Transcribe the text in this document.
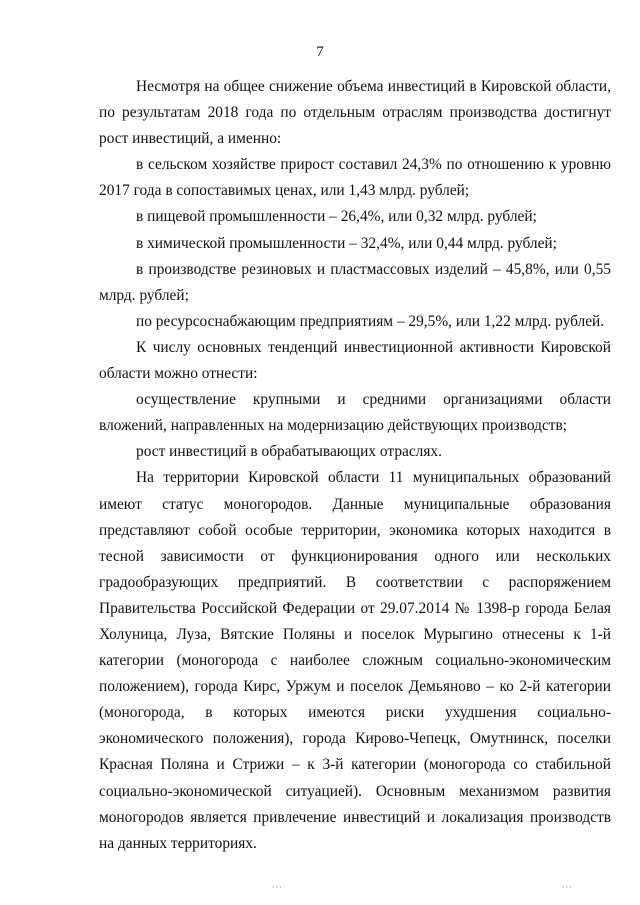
7

Несмотря на общее снижение объема инвестиций в Кировской области, по результатам 2018 года по отдельным отраслям производства достигнут рост инвестиций, а именно:

в сельском хозяйстве прирост составил 24,3% по отношению к уровню 2017 года в сопоставимых ценах, или 1,43 млрд. рублей;

в пищевой промышленности – 26,4%, или 0,32 млрд. рублей;

в химической промышленности – 32,4%, или 0,44 млрд. рублей;

в производстве резиновых и пластмассовых изделий – 45,8%, или 0,55 млрд. рублей;

по ресурсоснабжающим предприятиям – 29,5%, или 1,22 млрд. рублей.

К числу основных тенденций инвестиционной активности Кировской области можно отнести:

осуществление крупными и средними организациями области вложений, направленных на модернизацию действующих производств;

рост инвестиций в обрабатывающих отраслях.

На территории Кировской области 11 муниципальных образований имеют статус моногородов. Данные муниципальные образования представляют собой особые территории, экономика которых находится в тесной зависимости от функционирования одного или нескольких градообразующих предприятий. В соответствии с распоряжением Правительства Российской Федерации от 29.07.2014 № 1398-р города Белая Холуница, Луза, Вятские Поляны и поселок Мурыгино отнесены к 1-й категории (моногорода с наиболее сложным социально-экономическим положением), города Кирс, Уржум и поселок Демьяново – ко 2-й категории (моногорода, в которых имеются риски ухудшения социально-экономического положения), города Кирово-Чепецк, Омутнинск, поселки Красная Поляна и Стрижи – к 3-й категории (моногорода со стабильной социально-экономической ситуацией). Основным механизмом развития моногородов является привлечение инвестиций и локализация производств на данных территориях.

‧‧‧	‧‧‧
